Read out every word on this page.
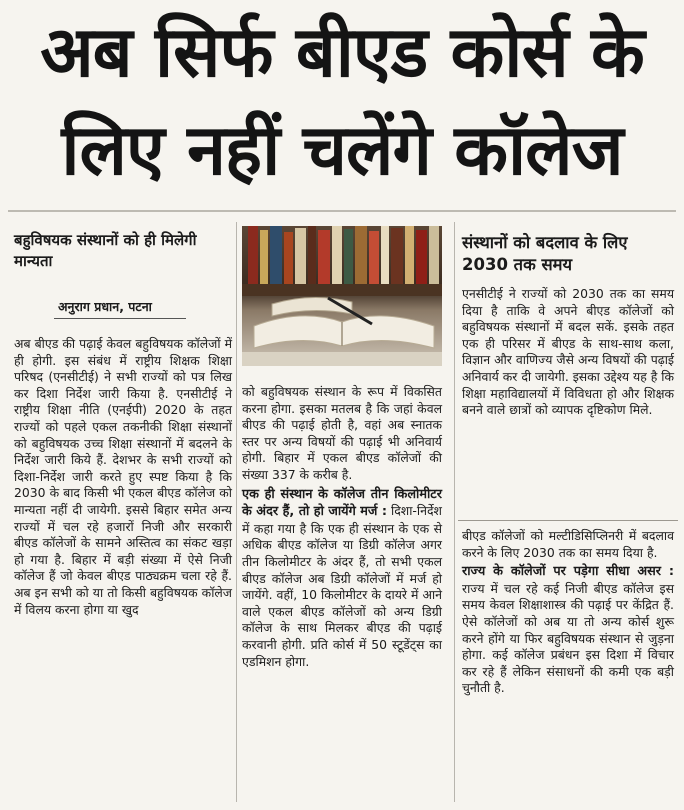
अब सिर्फ बीएड कोर्स के
लिए नहीं चलेंगे कॉलेज
बहुविषयक संस्थानों को ही मिलेगी मान्यता

अनुराग प्रधान, पटना

अब बीएड की पढ़ाई केवल बहुविषयक कॉलेजों में ही होगी. इस संबंध में राष्ट्रीय शिक्षक शिक्षा परिषद (एनसीटीई) ने सभी राज्यों को पत्र लिख कर दिशा निर्देश जारी किया है. एनसीटीई ने राष्ट्रीय शिक्षा नीति (एनईपी) 2020 के तहत राज्यों को पहले एकल तकनीकी शिक्षा संस्थानों को बहुविषयक उच्च शिक्षा संस्थानों में बदलने के निर्देश जारी किये हैं. देशभर के सभी राज्यों को दिशा-निर्देश जारी करते हुए स्पष्ट किया है कि 2030 के बाद किसी भी एकल बीएड कॉलेज को मान्यता नहीं दी जायेगी. इससे बिहार समेत अन्य राज्यों में चल रहे हजारों निजी और सरकारी बीएड कॉलेजों के सामने अस्तित्व का संकट खड़ा हो गया है. बिहार में बड़ी संख्या में ऐसे निजी कॉलेज हैं जो केवल बीएड पाठ्यक्रम चला रहे हैं. अब इन सभी को या तो किसी बहुविषयक कॉलेज में विलय करना होगा या खुद

को बहुविषयक संस्थान के रूप में विकसित करना होगा. इसका मतलब है कि जहां केवल बीएड की पढ़ाई होती है, वहां अब स्नातक स्तर पर अन्य विषयों की पढ़ाई भी अनिवार्य होगी. बिहार में एकल बीएड कॉलेजों की संख्या 337 के करीब है.

एक ही संस्थान के कॉलेज तीन किलोमीटर के अंदर हैं, तो हो जायेंगे मर्ज : दिशा-निर्देश में कहा गया है कि एक ही संस्थान के एक से अधिक बीएड कॉलेज या डिग्री कॉलेज अगर तीन किलोमीटर के अंदर हैं, तो सभी एकल बीएड कॉलेज अब डिग्री कॉलेजों में मर्ज हो जायेंगे. वहीं, 10 किलोमीटर के दायरे में आने वाले एकल बीएड कॉलेजों को अन्य डिग्री कॉलेज के साथ मिलकर बीएड की पढ़ाई करवानी होगी. प्रति कोर्स में 50 स्टूडेंट्स का एडमिशन होगा.

संस्थानों को बदलाव के लिए 2030 तक समय

एनसीटीई ने राज्यों को 2030 तक का समय दिया है ताकि वे अपने बीएड कॉलेजों को बहुविषयक संस्थानों में बदल सकें. इसके तहत एक ही परिसर में बीएड के साथ-साथ कला, विज्ञान और वाणिज्य जैसे अन्य विषयों की पढ़ाई अनिवार्य कर दी जायेगी. इसका उद्देश्य यह है कि शिक्षा महाविद्यालयों में विविधता हो और शिक्षक बनने वाले छात्रों को व्यापक दृष्टिकोण मिले.

बीएड कॉलेजों को मल्टीडिसिप्लिनरी में बदलाव करने के लिए 2030 तक का समय दिया है.

राज्य के कॉलेजों पर पड़ेगा सीधा असर : राज्य में चल रहे कई निजी बीएड कॉलेज इस समय केवल शिक्षाशास्त्र की पढ़ाई पर केंद्रित हैं. ऐसे कॉलेजों को अब या तो अन्य कोर्स शुरू करने होंगे या फिर बहुविषयक संस्थान से जुड़ना होगा. कई कॉलेज प्रबंधन इस दिशा में विचार कर रहे हैं लेकिन संसाधनों की कमी एक बड़ी चुनौती है.
